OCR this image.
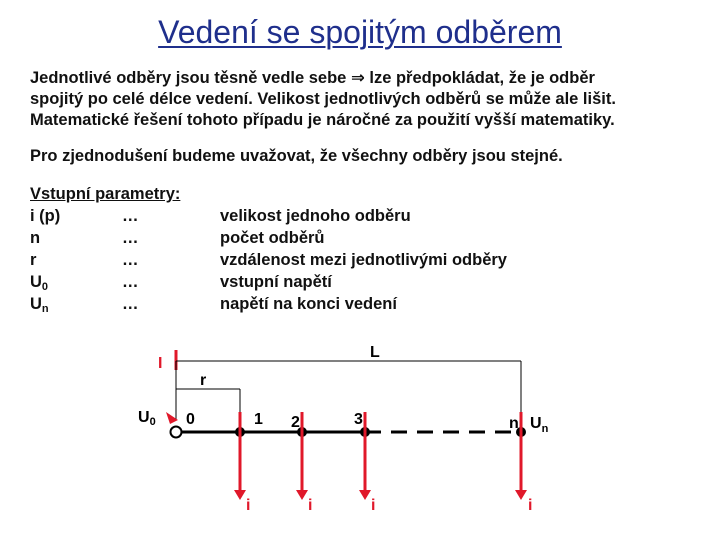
Vedení se spojitým odběrem
Jednotlivé odběry jsou těsně vedle sebe ⇒ lze předpokládat, že je odběr
spojitý po celé délce vedení. Velikost jednotlivých odběrů se může ale lišit.
Matematické řešení tohoto případu je náročné za použití vyšší matematiky.
Pro zjednodušení budeme uvažovat, že všechny odběry jsou stejné.
Vstupní parametry:
i (p)	…	velikost jednoho odběru
n	…	počet odběrů
r	…	vzdálenost mezi jednotlivými odběry
$U_0$	…	vstupní napětí
$U_n$	…	napětí na konci vedení
I
L
r
U0	$U_n$
0	1 2	3	n
i	i	i	i
